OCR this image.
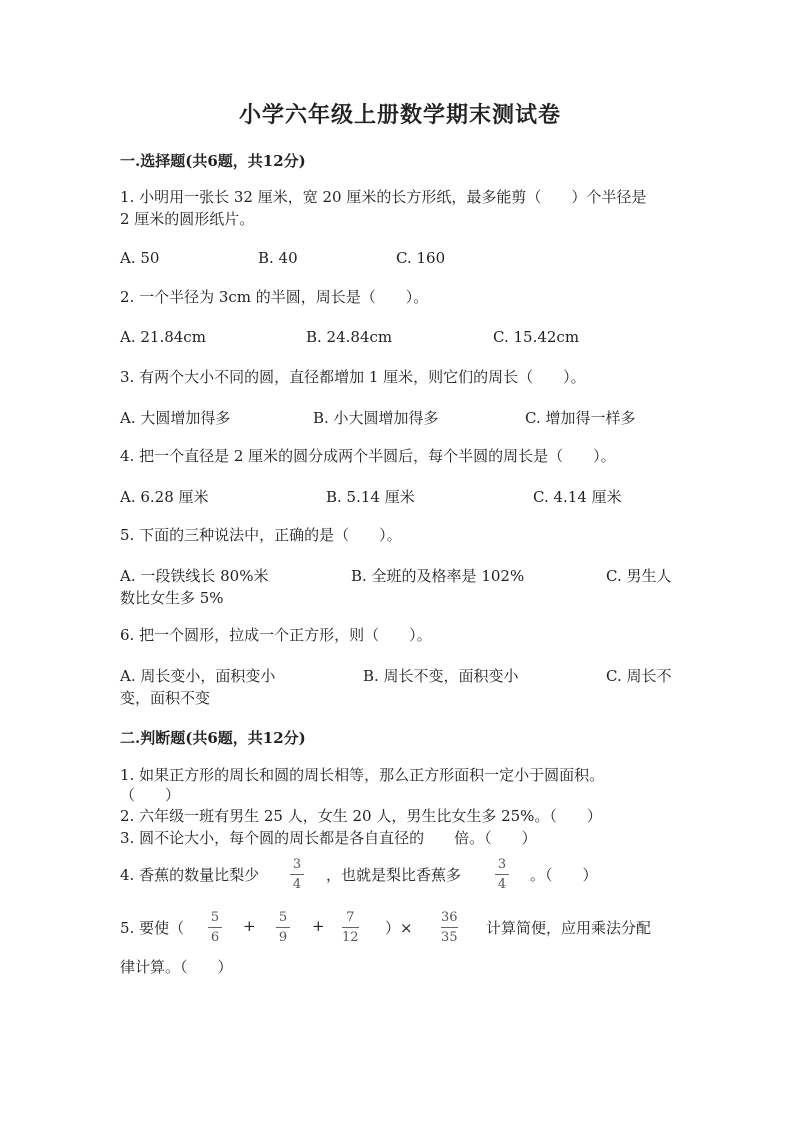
小学六年级上册数学期末测试卷
一.选择题(共6题，共12分)
1. 小明用一张长 32 厘米，宽 20 厘米的长方形纸，最多能剪（　　）个半径是
2 厘米的圆形纸片。
A. 50	B. 40	C. 160
2. 一个半径为 3cm 的半圆，周长是（　　）。
A. 21.84cm	B. 24.84cm	C. 15.42cm
3. 有两个大小不同的圆，直径都增加 1 厘米，则它们的周长（　　）。
A. 大圆增加得多	B. 小大圆增加得多	C. 增加得一样多
4. 把一个直径是 2 厘米的圆分成两个半圆后，每个半圆的周长是（　　）。
A. 6.28 厘米	B. 5.14 厘米	C. 4.14 厘米
5. 下面的三种说法中，正确的是（　　）。
A. 一段铁线长 80%米	B. 全班的及格率是 102%	C. 男生人
数比女生多 5%
6. 把一个圆形，拉成一个正方形，则（　　）。
A. 周长变小，面积变小	B. 周长不变，面积变小	C. 周长不
变，面积不变
二.判断题(共6题，共12分)
1. 如果正方形的周长和圆的周长相等，那么正方形面积一定小于圆面积。
（　　）
2. 六年级一班有男生 25 人，女生 20 人，男生比女生多 25%。（　　）
3. 圆不论大小，每个圆的周长都是各自直径的　　倍。（　　）
4. 香蕉的数量比梨少
3
4
，也就是梨比香蕉多
3
4
。（　　）
5. 要使（
5
6
+ 5
9
+ 7
12
）×
36
35
计算简便，应用乘法分配
律计算。（　　）
